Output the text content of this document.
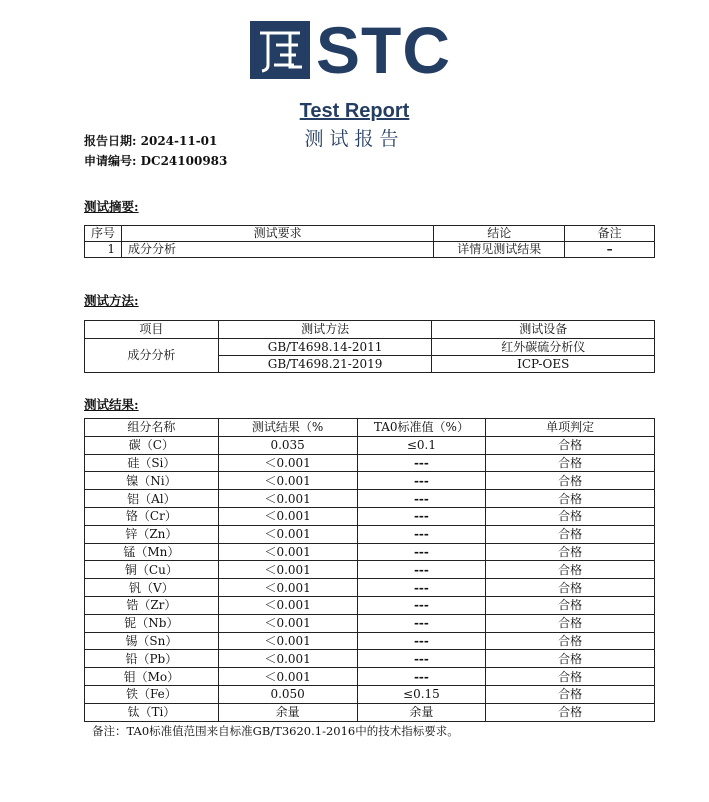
STC
Test Report
测试报告
报告日期: 2024-11-01
申请编号: DC24100983
测试摘要:
序号	测试要求	结论	备注
1	成分分析	详情见测试结果	–
测试方法:
项目	测试方法	测试设备
成分分析	GB/T4698.14-2011	红外碳硫分析仪
	GB/T4698.21-2019	ICP-OES
测试结果:
组分名称	测试结果（%	TA0标准值（%）	单项判定
碳（C）	0.035	≤0.1	合格
硅（Si）	＜0.001	---	合格
镍（Ni）	＜0.001	---	合格
铝（Al）	＜0.001	---	合格
铬（Cr）	＜0.001	---	合格
锌（Zn）	＜0.001	---	合格
锰（Mn）	＜0.001	---	合格
铜（Cu）	＜0.001	---	合格
钒（V）	＜0.001	---	合格
锆（Zr）	＜0.001	---	合格
铌（Nb）	＜0.001	---	合格
锡（Sn）	＜0.001	---	合格
铅（Pb）	＜0.001	---	合格
钼（Mo）	＜0.001	---	合格
铁（Fe）	0.050	≤0.15	合格
钛（Ti）	余量	余量	合格
备注：TA0标准值范围来自标准GB/T3620.1-2016中的技术指标要求。
